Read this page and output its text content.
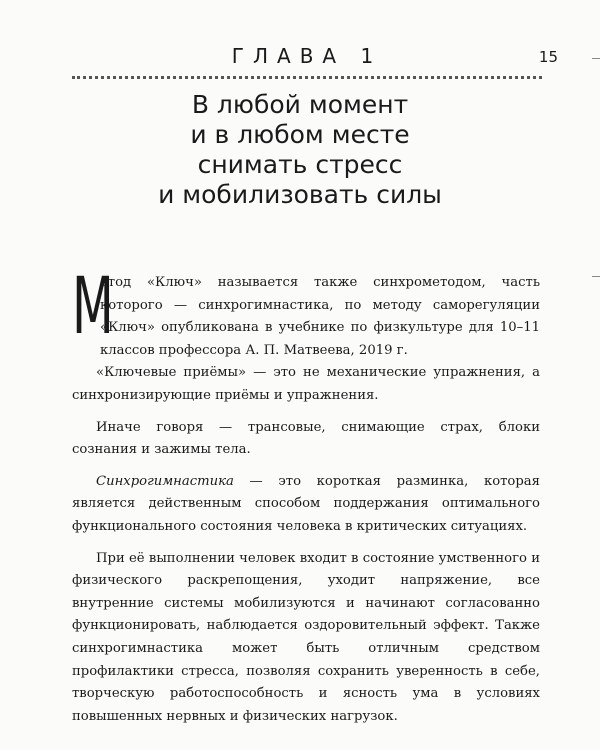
ГЛАВА 1	15
В любой момент
и в любом месте
снимать стресс
и мобилизовать силы

М
етод «Ключ» называется также синхрометодом, часть которого — синхрогимнастика, по методу саморегуляции «Ключ» опубликована в учебнике по физкультуре для 10–11 классов профессора А. П. Матвеева, 2019 г.

«Ключевые приёмы» — это не механические упражнения, а синхронизирующие приёмы и упражнения.

Иначе говоря — трансовые, снимающие страх, блоки сознания и зажимы тела.

Синхрогимнастика — это короткая разминка, которая является действенным способом поддержания оптимального функционального состояния человека в критических ситуациях.

При её выполнении человек входит в состояние умственного и физического раскрепощения, уходит напряжение, все внутренние системы мобилизуются и начинают согласованно функционировать, наблюдается оздоровительный эффект. Также синхрогимнастика может быть отличным средством профилактики стресса, позволяя сохранить уверенность в себе, творческую работоспособность и ясность ума в условиях повышенных нервных и физических нагрузок.
